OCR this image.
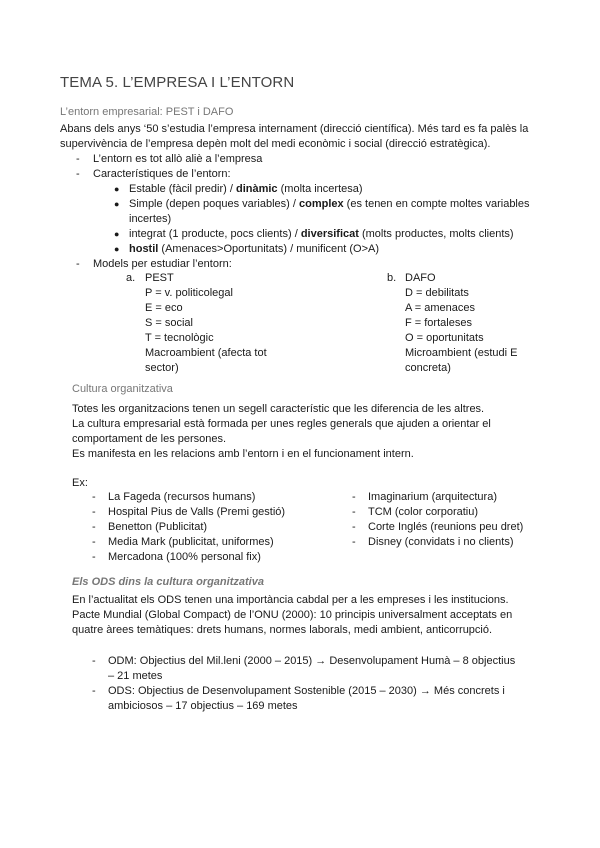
TEMA 5. L’EMPRESA I L’ENTORN
L’entorn empresarial: PEST i DAFO
Abans dels anys ‘50 s’estudia l’empresa internament (direcció científica). Més tard es fa palès la
supervivència de l’empresa depèn molt del medi econòmic i social (direcció estratègica).
- L’entorn es tot allò aliè a l’empresa
- Característiques de l’entorn:
● Estable (fàcil predir) / dinàmic (molta incertesa)
● Simple (depen poques variables) / complex (es tenen en compte moltes variables
incertes)
● integrat (1 producte, pocs clients) / diversificat (molts productes, molts clients)
● hostil (Amenaces>Oportunitats) / munificent (O>A)
- Models per estudiar l’entorn:
a. PEST
P = v. politicolegal
E = eco
S = social
T = tecnològic
Macroambient (afecta tot
sector)
b. DAFO
D = debilitats
A = amenaces
F = fortaleses
O = oportunitats
Microambient (estudi E
concreta)
Cultura organitzativa
Totes les organitzacions tenen un segell característic que les diferencia de les altres.
La cultura empresarial està formada per unes regles generals que ajuden a orientar el
comportament de les persones.
Es manifesta en les relacions amb l’entorn i en el funcionament intern.
Ex:
- La Fageda (recursos humans)
- Hospital Pius de Valls (Premi gestió)
- Benetton (Publicitat)
- Media Mark (publicitat, uniformes)
- Mercadona (100% personal fix)
- Imaginarium (arquitectura)
- TCM (color corporatiu)
- Corte Inglés (reunions peu dret)
- Disney (convidats i no clients)
Els ODS dins la cultura organitzativa
En l’actualitat els ODS tenen una importància cabdal per a les empreses i les institucions.
Pacte Mundial (Global Compact) de l’ONU (2000): 10 principis universalment acceptats en
quatre àrees temàtiques: drets humans, normes laborals, medi ambient, anticorrupció.
- ODM: Objectius del Mil.leni (2000 – 2015) → Desenvolupament Humà – 8 objectius
– 21 metes
- ODS: Objectius de Desenvolupament Sostenible (2015 – 2030) → Més concrets i
ambiciosos – 17 objectius – 169 metes
